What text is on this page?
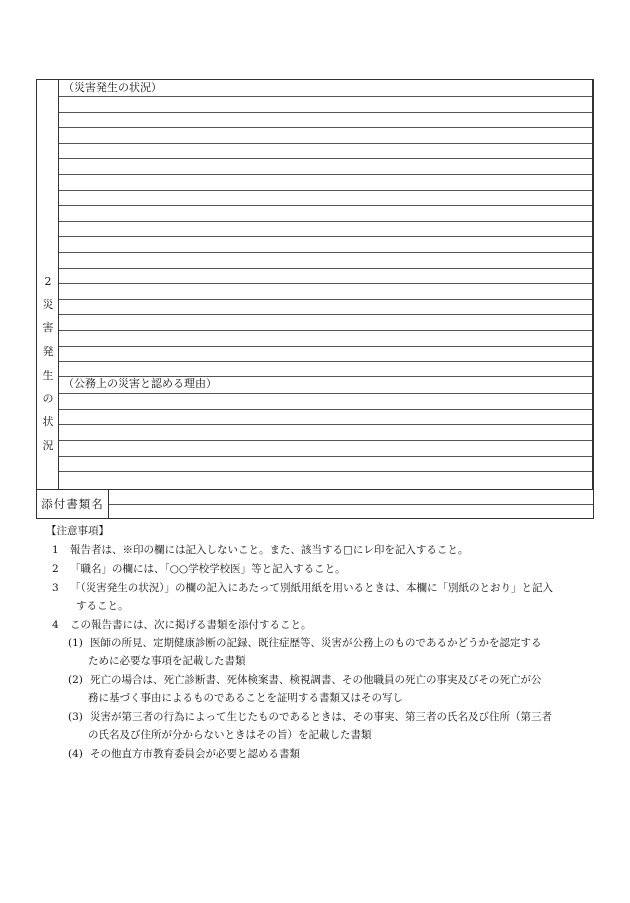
2
災
害
発
生
の
状
況
（災害発生の状況）
（公務上の災害と認める理由）
添付書類名
【注意事項】
1 報告者は、※印の欄には記入しないこと。また、該当する□にレ印を記入すること。
2 「職名」の欄には、「○○学校学校医」等と記入すること。
3 「（災害発生の状況）」の欄の記入にあたって別紙用紙を用いるときは、本欄に「別紙のとおり」と記入
すること。
4 この報告書には、次に掲げる書類を添付すること。
(1) 医師の所見、定期健康診断の記録、既往症歴等、災害が公務上のものであるかどうかを認定する
ために必要な事項を記載した書類
(2) 死亡の場合は、死亡診断書、死体検案書、検視調書、その他職員の死亡の事実及びその死亡が公
務に基づく事由によるものであることを証明する書類又はその写し
(3) 災害が第三者の行為によって生じたものであるときは、その事実、第三者の氏名及び住所（第三者
の氏名及び住所が分からないときはその旨）を記載した書類
(4) その他直方市教育委員会が必要と認める書類
